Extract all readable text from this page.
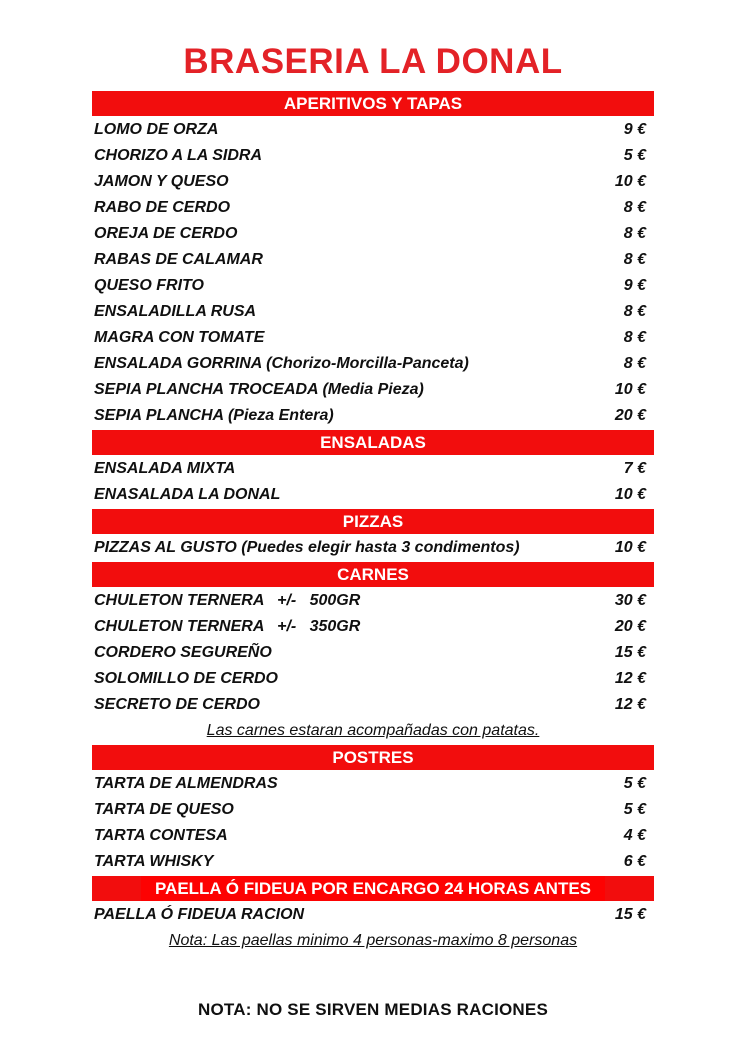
BRASERIA LA DONAL
APERITIVOS Y TAPAS
LOMO DE ORZA	9 €
CHORIZO A LA SIDRA	5 €
JAMON Y QUESO	10 €
RABO DE CERDO	8 €
OREJA DE CERDO	8 €
RABAS DE CALAMAR	8 €
QUESO FRITO	9 €
ENSALADILLA RUSA	8 €
MAGRA CON TOMATE	8 €
ENSALADA GORRINA (Chorizo-Morcilla-Panceta)	8 €
SEPIA PLANCHA TROCEADA (Media Pieza)	10 €
SEPIA PLANCHA (Pieza Entera)	20 €
ENSALADAS
ENSALADA MIXTA	7 €
ENASALADA LA DONAL	10 €
PIZZAS
PIZZAS AL GUSTO (Puedes elegir hasta 3 condimentos)	10 €
CARNES
CHULETON TERNERA   +/-   500GR	30 €
CHULETON TERNERA   +/-   350GR	20 €
CORDERO SEGUREÑO	15 €
SOLOMILLO DE CERDO	12 €
SECRETO DE CERDO	12 €
Las carnes estaran acompañadas con patatas.
POSTRES
TARTA DE ALMENDRAS	5 €
TARTA DE QUESO	5 €
TARTA CONTESA	4 €
TARTA WHISKY	6 €
PAELLA Ó FIDEUA POR ENCARGO 24 HORAS ANTES
PAELLA Ó FIDEUA RACION	15 €
Nota: Las paellas minimo 4 personas-maximo 8 personas
NOTA: NO SE SIRVEN MEDIAS RACIONES
